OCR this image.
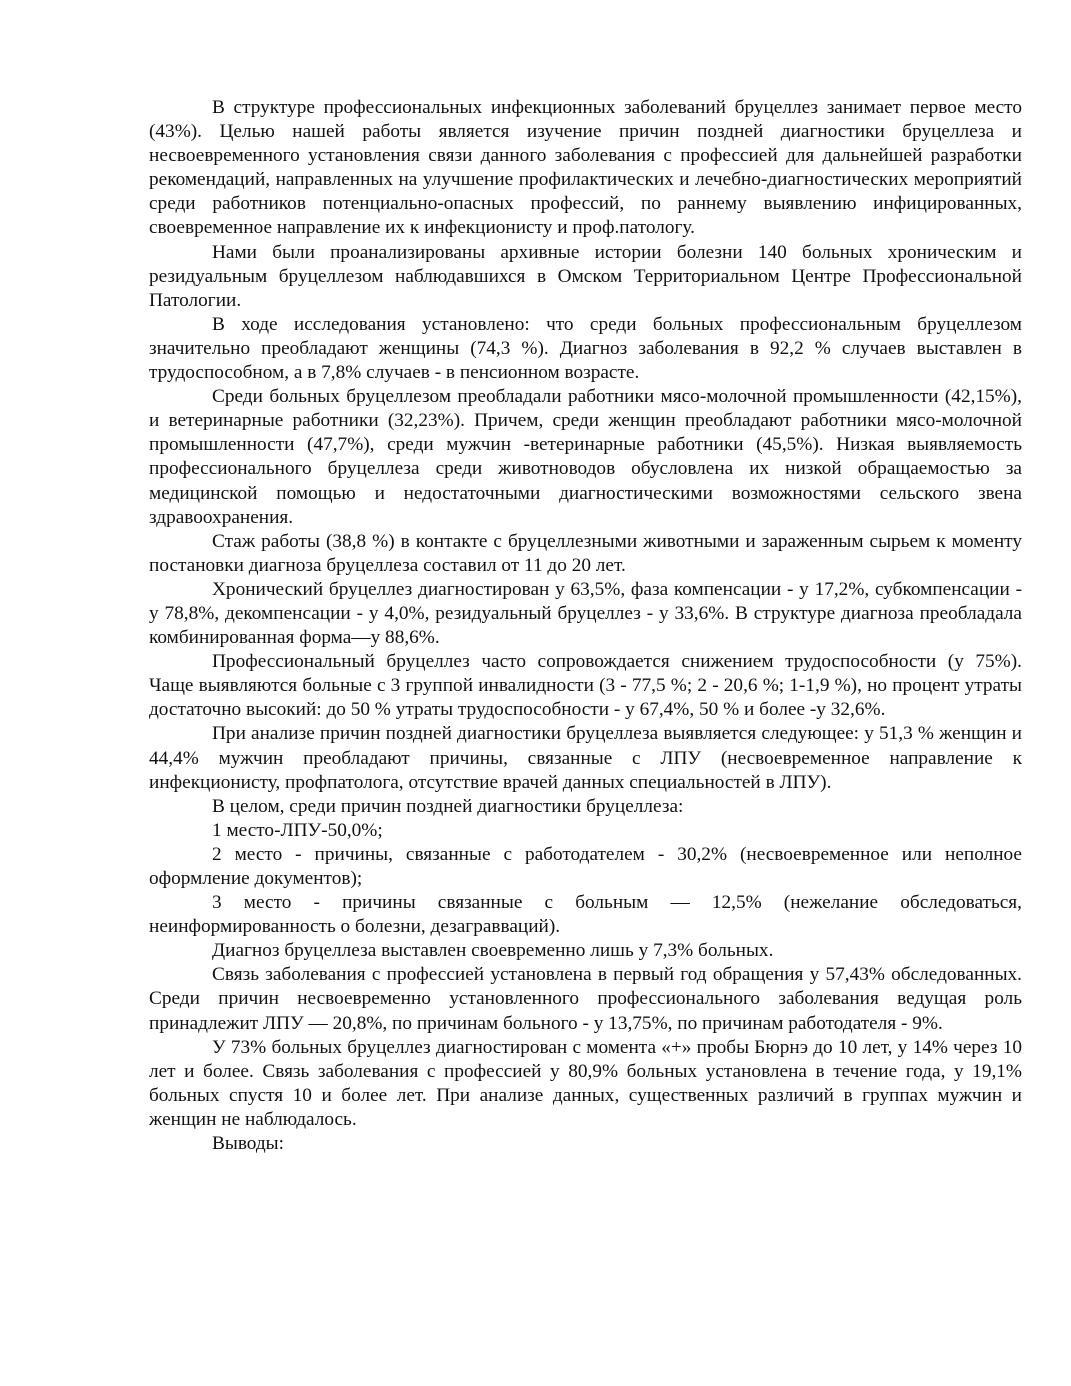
В структуре профессиональных инфекционных заболеваний бруцеллез занимает первое место (43%). Целью нашей работы является изучение причин поздней диагностики бруцеллеза и несвоевременного установления связи данного заболевания с профессией для дальнейшей разработки рекомендаций, направленных на улучшение профилактических и лечебно-диагностических мероприятий среди работников потенциально-опасных профессий, по раннему выявлению инфицированных, своевременное направление их к инфекционисту и проф.патологу.

Нами были проанализированы архивные истории болезни 140 больных хроническим и резидуальным бруцеллезом наблюдавшихся в Омском Территориальном Центре Профессиональной Патологии.

В ходе исследования установлено: что среди больных профессиональным бруцеллезом значительно преобладают женщины (74,3 %). Диагноз заболевания в 92,2 % случаев выставлен в трудоспособном, а в 7,8% случаев - в пенсионном возрасте.

Среди больных бруцеллезом преобладали работники мясо-молочной промышленности (42,15%), и ветеринарные работники (32,23%). Причем, среди женщин преобладают работники мясо-молочной промышленности (47,7%), среди мужчин -ветеринарные работники (45,5%). Низкая выявляемость профессионального бруцеллеза среди животноводов обусловлена их низкой обращаемостью за медицинской помощью и недостаточными диагностическими возможностями сельского звена здравоохранения.

Стаж работы (38,8 %) в контакте с бруцеллезными животными и зараженным сырьем к моменту постановки диагноза бруцеллеза составил от 11 до 20 лет.

Хронический бруцеллез диагностирован у 63,5%, фаза компенсации - у 17,2%, субкомпенсации - у 78,8%, декомпенсации - у 4,0%, резидуальный бруцеллез - у 33,6%. В структуре диагноза преобладала комбинированная форма—у 88,6%.

Профессиональный бруцеллез часто сопровождается снижением трудоспособности (у 75%). Чаще выявляются больные с 3 группой инвалидности (3 - 77,5 %; 2 - 20,6 %; 1-1,9 %), но процент утраты достаточно высокий: до 50 % утраты трудоспособности - у 67,4%, 50 % и более -у 32,6%.

При анализе причин поздней диагностики бруцеллеза выявляется следующее: у 51,3 % женщин и 44,4% мужчин преобладают причины, связанные с ЛПУ (несвоевременное направление к инфекционисту, профпатолога, отсутствие врачей данных специальностей в ЛПУ).

В целом, среди причин поздней диагностики бруцеллеза:

1 место-ЛПУ-50,0%;

2 место - причины, связанные с работодателем - 30,2% (несвоевременное или неполное оформление документов);

3 место - причины связанные с больным — 12,5% (нежелание обследоваться, неинформированность о болезни, дезагравваций).

Диагноз бруцеллеза выставлен своевременно лишь у 7,3% больных.

Связь заболевания с профессией установлена в первый год обращения у 57,43% обследованных. Среди причин несвоевременно установленного профессионального заболевания ведущая роль принадлежит ЛПУ — 20,8%, по причинам больного - у 13,75%, по причинам работодателя - 9%.

У 73% больных бруцеллез диагностирован с момента «+» пробы Бюрнэ до 10 лет, у 14% через 10 лет и более. Связь заболевания с профессией у 80,9% больных установлена в течение года, у 19,1% больных спустя 10 и более лет. При анализе данных, существенных различий в группах мужчин и женщин не наблюдалось.

Выводы:
